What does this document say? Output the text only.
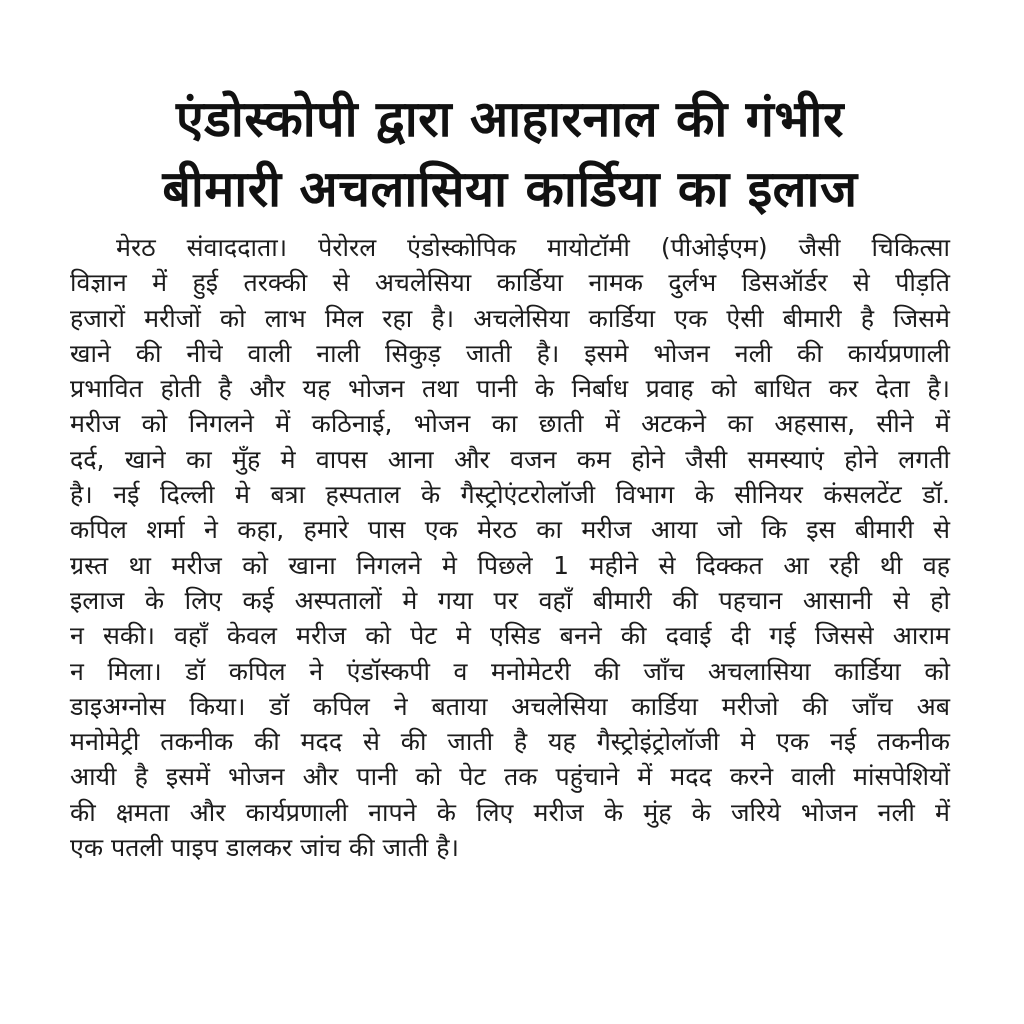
एंडोस्कोपी द्वारा आहारनाल की गंभीर
बीमारी अचलासिया कार्डिया का इलाज
मेरठ संवाददाता। पेरोरल एंडोस्कोपिक मायोटॉमी (पीओईएम) जैसी चिकित्सा
विज्ञान में हुई तरक्की से अचलेसिया कार्डिया नामक दुर्लभ डिसऑर्डर से पीड़ति
हजारों मरीजों को लाभ मिल रहा है। अचलेसिया कार्डिया एक ऐसी बीमारी है जिसमे
खाने की नीचे वाली नाली सिकुड़ जाती है। इसमे भोजन नली की कार्यप्रणाली
प्रभावित होती है और यह भोजन तथा पानी के निर्बाध प्रवाह को बाधित कर देता है।
मरीज को निगलने में कठिनाई, भोजन का छाती में अटकने का अहसास, सीने में
दर्द, खाने का मुँह मे वापस आना और वजन कम होने जैसी समस्याएं होने लगती
है। नई दिल्ली मे बत्रा हस्पताल के गैस्ट्रोएंटरोलॉजी विभाग के सीनियर कंसलटेंट डॉ.
कपिल शर्मा ने कहा, हमारे पास एक मेरठ का मरीज आया जो कि इस बीमारी से
ग्रस्त था मरीज को खाना निगलने मे पिछले 1 महीने से दिक्कत आ रही थी वह
इलाज के लिए कई अस्पतालों मे गया पर वहाँ बीमारी की पहचान आसानी से हो
न सकी। वहाँ केवल मरीज को पेट मे एसिड बनने की दवाई दी गई जिससे आराम
न मिला। डॉ कपिल ने एंडॉस्कपी व मनोमेटरी की जाँच अचलासिया कार्डिया को
डाइअग्नोस किया। डॉ कपिल ने बताया अचलेसिया कार्डिया मरीजो की जाँच अब
मनोमेट्री तकनीक की मदद से की जाती है यह गैस्ट्रोइंट्रोलॉजी मे एक नई तकनीक
आयी है इसमें भोजन और पानी को पेट तक पहुंचाने में मदद करने वाली मांसपेशियों
की क्षमता और कार्यप्रणाली नापने के लिए मरीज के मुंह के जरिये भोजन नली में
एक पतली पाइप डालकर जांच की जाती है।
